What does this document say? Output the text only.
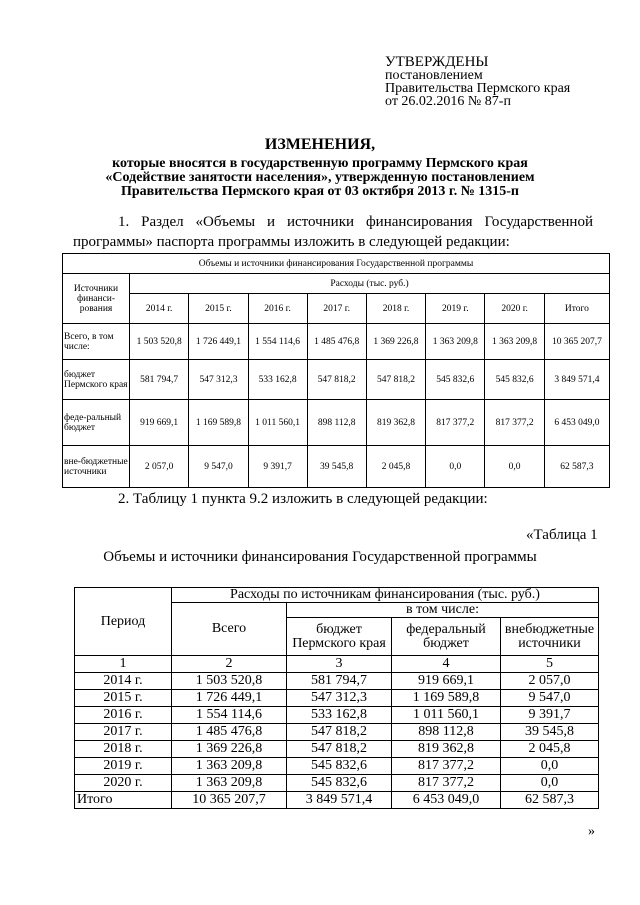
УТВЕРЖДЕНЫ
постановлением
Правительства Пермского края
от 26.02.2016 № 87-п
ИЗМЕНЕНИЯ,
которые вносятся в государственную программу Пермского края
«Содействие занятости населения», утвержденную постановлением
Правительства Пермского края от 03 октября 2013 г. № 1315-п
1. Раздел «Объемы и источники финансирования Государственной программы» паспорта программы изложить в следующей редакции:
Объемы и источники финансирования Государственной программы								
Источники финанси-рования	Расходы (тыс. руб.)							
	2014 г.	2015 г.	2016 г.	2017 г.	2018 г.	2019 г.	2020 г.	Итого
Всего, в том числе:	1 503 520,8	1 726 449,1	1 554 114,6	1 485 476,8	1 369 226,8	1 363 209,8	1 363 209,8	10 365 207,7
бюджет Пермского края	581 794,7	547 312,3	533 162,8	547 818,2	547 818,2	545 832,6	545 832,6	3 849 571,4
феде-ральный бюджет	919 669,1	1 169 589,8	1 011 560,1	898 112,8	819 362,8	817 377,2	817 377,2	6 453 049,0
вне-бюджетные источники	2 057,0	9 547,0	9 391,7	39 545,8	2 045,8	0,0	0,0	62 587,3
2. Таблицу 1 пункта 9.2 изложить в следующей редакции:
«Таблица 1
Объемы и источники финансирования Государственной программы
Период	Расходы по источникам финансирования (тыс. руб.)			
	Всего	в том числе:		
		бюджет Пермского края	федеральный бюджет	внебюджетные источники
1	2	3	4	5
2014 г.	1 503 520,8	581 794,7	919 669,1	2 057,0
2015 г.	1 726 449,1	547 312,3	1 169 589,8	9 547,0
2016 г.	1 554 114,6	533 162,8	1 011 560,1	9 391,7
2017 г.	1 485 476,8	547 818,2	898 112,8	39 545,8
2018 г.	1 369 226,8	547 818,2	819 362,8	2 045,8
2019 г.	1 363 209,8	545 832,6	817 377,2	0,0
2020 г.	1 363 209,8	545 832,6	817 377,2	0,0
Итого	10 365 207,7	3 849 571,4	6 453 049,0	62 587,3
»
